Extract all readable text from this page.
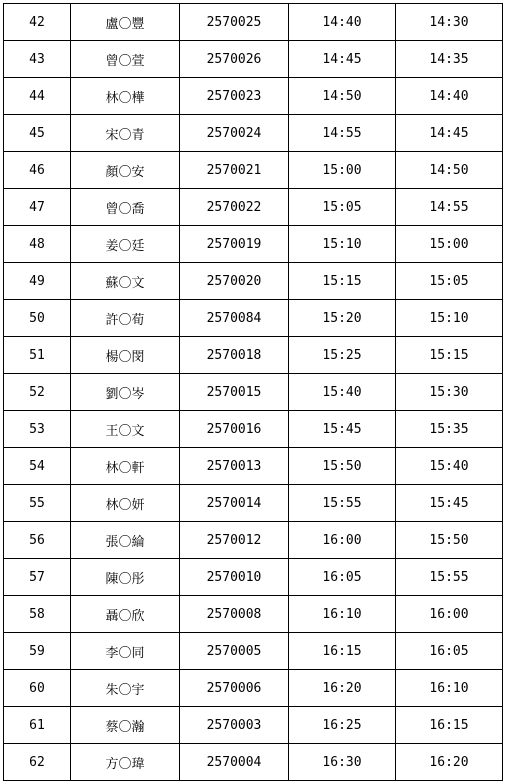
42	盧〇豐	2570025	14:40	14:30
43	曾〇萱	2570026	14:45	14:35
44	林〇樺	2570023	14:50	14:40
45	宋〇青	2570024	14:55	14:45
46	顏〇安	2570021	15:00	14:50
47	曾〇喬	2570022	15:05	14:55
48	姜〇廷	2570019	15:10	15:00
49	蘇〇文	2570020	15:15	15:05
50	許〇荀	2570084	15:20	15:10
51	楊〇閔	2570018	15:25	15:15
52	劉〇岑	2570015	15:40	15:30
53	王〇文	2570016	15:45	15:35
54	林〇軒	2570013	15:50	15:40
55	林〇妍	2570014	15:55	15:45
56	張〇綸	2570012	16:00	15:50
57	陳〇彤	2570010	16:05	15:55
58	聶〇欣	2570008	16:10	16:00
59	李〇同	2570005	16:15	16:05
60	朱〇宇	2570006	16:20	16:10
61	蔡〇瀚	2570003	16:25	16:15
62	方〇瑋	2570004	16:30	16:20
